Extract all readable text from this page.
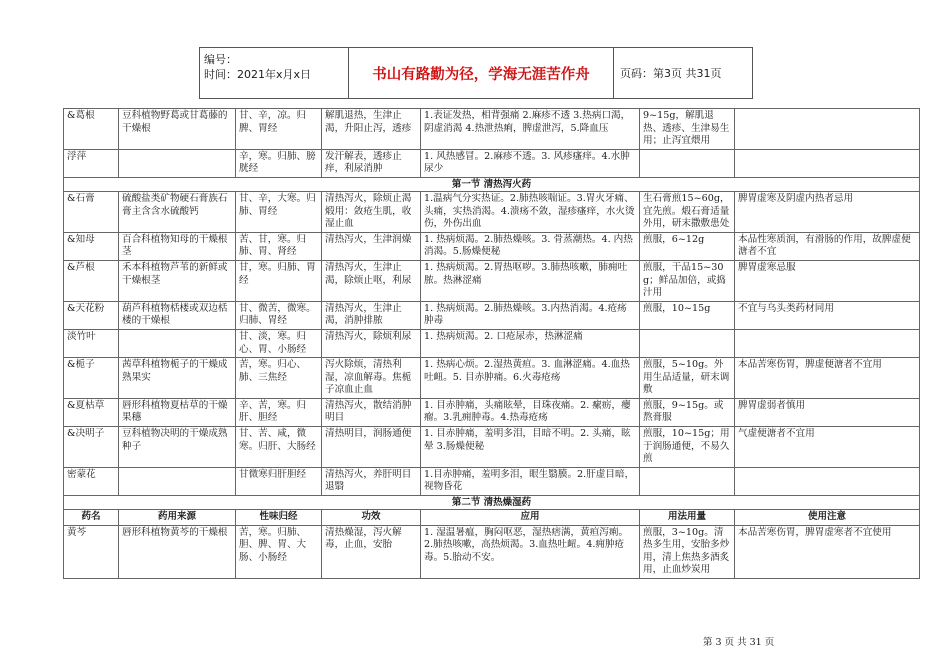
编号：
时间：2021年x月x日	书山有路勤为径，学海无涯苦作舟	页码：第3页 共31页
&葛根	豆科植物野葛或甘葛藤的干燥根	甘、辛，凉。归脾、胃经	解肌退热，生津止渴，升阳止泻，透疹	1.表证发热，相背强痛 2.麻疹不透 3.热病口渴，阴虚消渴 4.热泄热痢，脾虚泄泻，5.降血压	9~15g，解肌退热、透疹、生津易生用；止泻宜煨用	
浮萍		辛，寒。归肺、膀胱经	发汗解表，透疹止痒，利尿消肿	1. 风热感冒。2.麻疹不透。3. 风疹瘙痒。4.水肿尿少		
第一节 清热泻火药						
&石膏	硫酸盐类矿物硬石膏族石膏主含含水硫酸钙	甘、辛，大寒。归肺、胃经	清热泻火，除烦止渴 煅用：敛疮生肌，收湿止血	1.温病气分实热证。2.肺热咳喘证。3.胃火牙痛、头痛，实热消渴。4.溃疡不敛，湿疹瘙痒，水火烫伤，外伤出血	生石膏煎15~60g，宜先煎。煅石膏适量外用，研末撒敷患处	脾胃虚寒及阴虚内热者忌用
&知母	百合科植物知母的干燥根茎	苦、甘，寒。归肺、胃、肾经	清热泻火，生津润燥	1. 热病烦渴。2.肺热燥咳。3. 骨蒸潮热。4. 内热消渴。5.肠燥便秘	煎服，6~12g	本品性寒质润，有滑肠的作用，故脾虚便溏者不宜
&芦根	禾本科植物芦苇的新鲜或干燥根茎	甘，寒。归肺、胃经	清热泻火，生津止渴，除烦止呕，利尿	1. 热病烦渴。2.胃热呕哕。3.肺热咳嗽，肺痈吐脓。热淋涩痛	煎服，干品15~30g；鲜品加倍，或捣汁用	脾胃虚寒忌服
&天花粉	葫芦科植物栝楼或双边栝楼的干燥根	甘、微苦，微寒。归肺、胃经	清热泻火，生津止渴，消肿排脓	1. 热病烦渴。2.肺热燥咳。3.内热消渴。4.疮疡肿毒	煎服，10~15g	不宜与乌头类药材同用
淡竹叶		甘、淡，寒。归心、胃、小肠经	清热泻火，除烦利尿	1. 热病烦渴。2. 口疮尿赤，热淋涩痛		
&栀子	茜草科植物栀子的干燥成熟果实	苦，寒。归心、肺、三焦经	泻火除烦，清热利湿，凉血解毒。焦栀子凉血止血	1. 热病心烦。2.湿热黄疸。3. 血淋涩痛。4.血热吐衄。5. 目赤肿痛。6.火毒疮疡	煎服，5~10g。外用生品适量，研末调敷	本品苦寒伤胃，脾虚便溏者不宜用
&夏枯草	唇形科植物夏枯草的干燥果穗	辛、苦，寒。归肝、胆经	清热泻火，散结消肿明目	1. 目赤肿痛，头痛眩晕，目珠夜痛。2. 瘰疬，瘿瘤。3.乳痈肿毒。4.热毒疮疡	煎服，9~15g。或熬膏服	脾胃虚弱者慎用
&决明子	豆科植物决明的干燥成熟种子	甘、苦、咸，微寒。归肝、大肠经	清热明目，润肠通便	1. 目赤肿痛，羞明多泪，目暗不明。2. 头痛，眩晕 3.肠燥便秘	煎服，10~15g；用于润肠通便，不易久煎	气虚便溏者不宜用
密蒙花		甘微寒归肝胆经	清热泻火，养肝明目退翳	1.目赤肿痛，羞明多泪，眼生翳膜。2.肝虚目暗，视物昏花		
第二节 清热燥湿药						
药名	药用来源	性味归经	功效	应用	用法用量	使用注意
黄芩	唇形科植物黄芩的干燥根	苦，寒。归肺、胆、脾、胃、大肠、小肠经	清热燥湿，泻火解毒，止血，安胎	1. 湿温暑瘟，胸闷呕恶，湿热痞满，黄疸泻痢。2.肺热咳嗽，高热烦渴。3.血热吐衄。4.痈肿疮毒。5.胎动不安。	煎服，3~10g。清热多生用，安胎多炒用，清上焦热多酒炙用，止血炒炭用	本品苦寒伤胃，脾胃虚寒者不宜使用
第 3 页 共 31 页
